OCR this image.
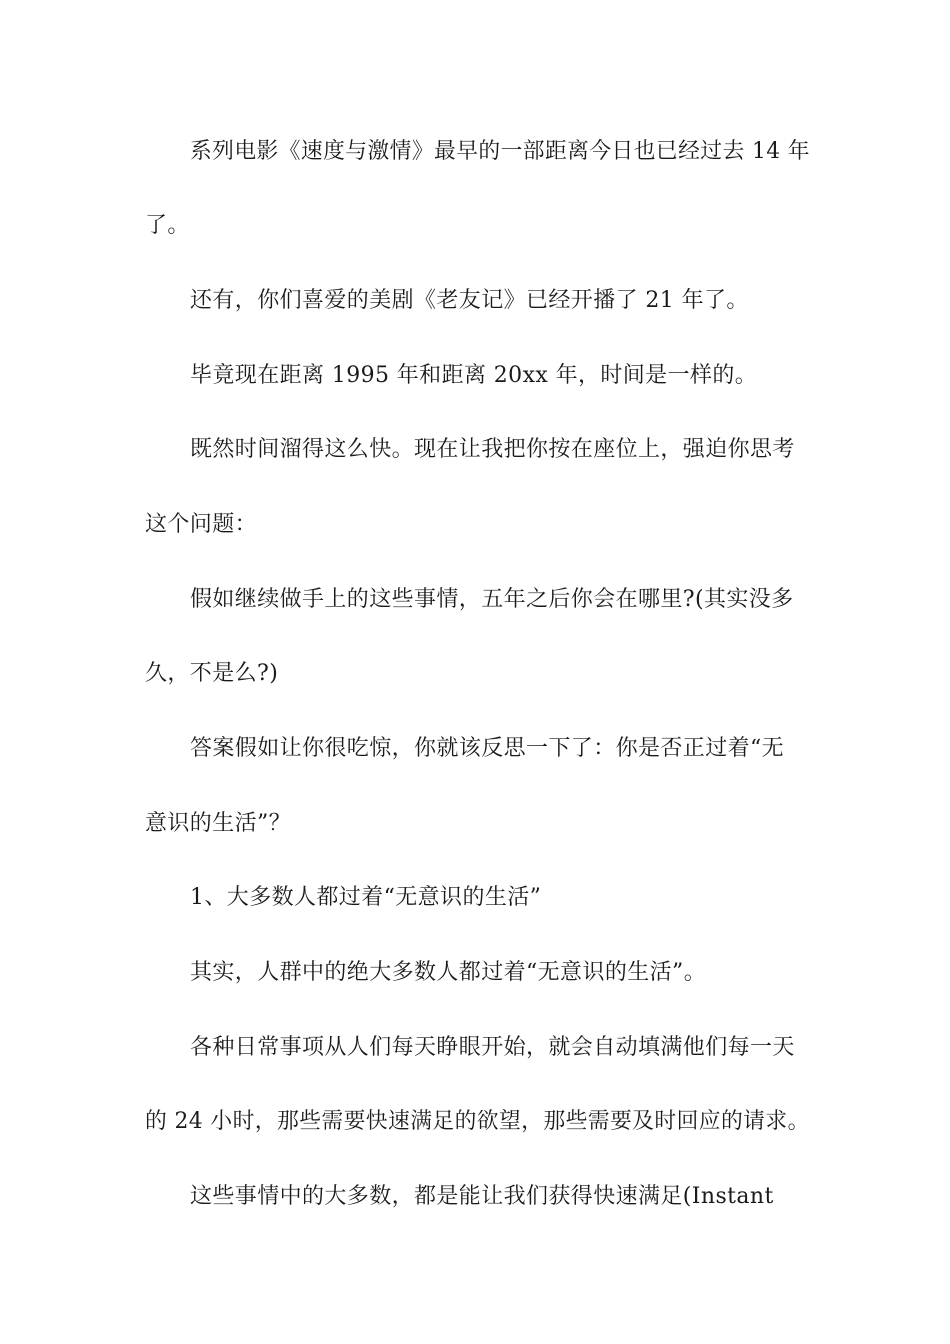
系列电影《速度与激情》最早的一部距离今日也已经过去 14 年

了。

还有，你们喜爱的美剧《老友记》已经开播了 21 年了。

毕竟现在距离 1995 年和距离 20xx 年，时间是一样的。

既然时间溜得这么快。现在让我把你按在座位上，强迫你思考

这个问题：

假如继续做手上的这些事情，五年之后你会在哪里?(其实没多

久，不是么?)

答案假如让你很吃惊，你就该反思一下了：你是否正过着“无

意识的生活”？

1、大多数人都过着“无意识的生活”

其实，人群中的绝大多数人都过着“无意识的生活”。

各种日常事项从人们每天睁眼开始，就会自动填满他们每一天

的 24 小时，那些需要快速满足的欲望，那些需要及时回应的请求。

这些事情中的大多数，都是能让我们获得快速满足(Instant
